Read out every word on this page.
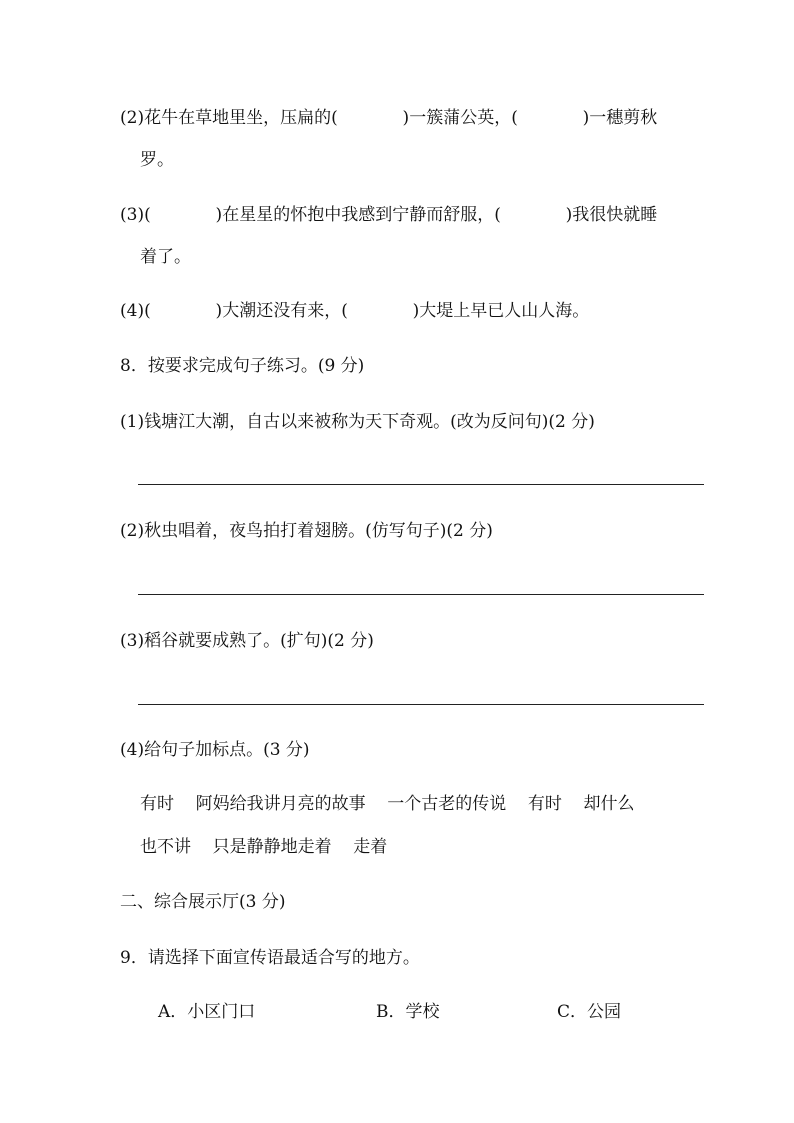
(2)花牛在草地里坐，压扁的(            )一簇蒲公英，(            )一穗剪秋
罗。
(3)(            )在星星的怀抱中我感到宁静而舒服，(            )我很快就睡
着了。
(4)(            )大潮还没有来，(            )大堤上早已人山人海。
8．按要求完成句子练习。(9 分)
(1)钱塘江大潮，自古以来被称为天下奇观。(改为反问句)(2 分)
(2)秋虫唱着，夜鸟拍打着翅膀。(仿写句子)(2 分)
(3)稻谷就要成熟了。(扩句)(2 分)
(4)给句子加标点。(3 分)
有时    阿妈给我讲月亮的故事    一个古老的传说    有时    却什么
也不讲    只是静静地走着    走着
二、综合展示厅(3 分)
9．请选择下面宣传语最适合写的地方。
A．小区门口	B．学校	C．公园
